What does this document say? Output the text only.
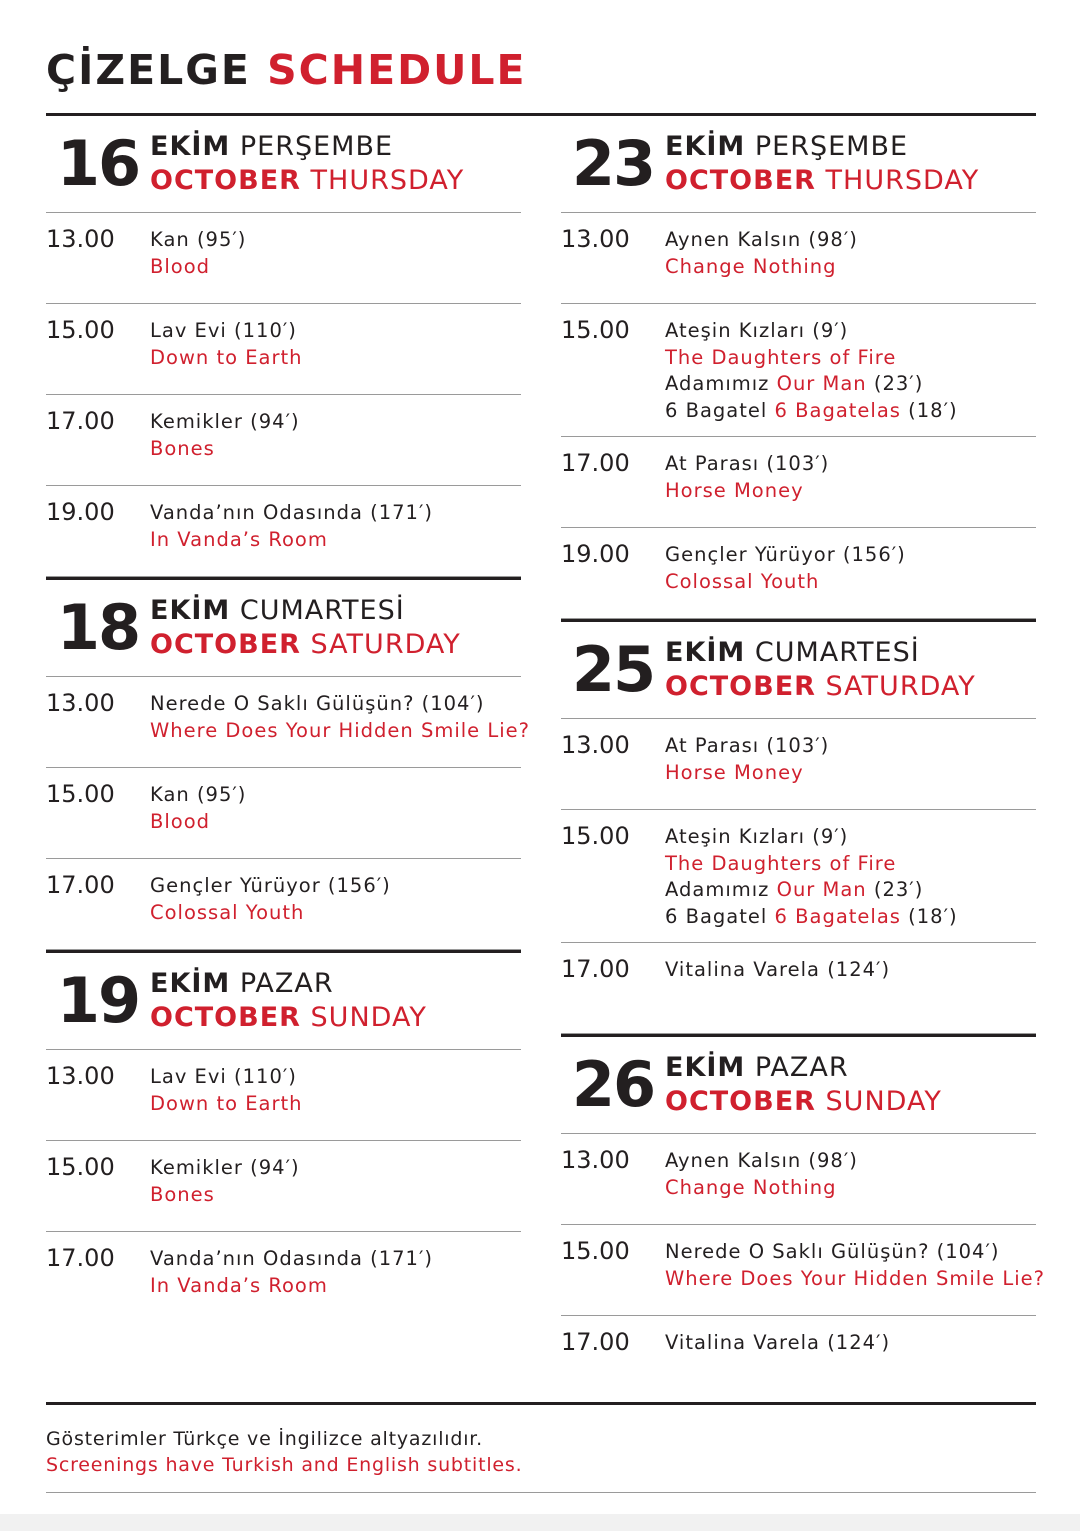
ÇİZELGE SCHEDULE
16 EKİM PERŞEMBE
OCTOBER THURSDAY
13.00	Kan (95′)
Blood
15.00	Lav Evi (110′)
Down to Earth
17.00	Kemikler (94′)
Bones
19.00	Vanda’nın Odasında (171′)
In Vanda’s Room
18 EKİM CUMARTESİ
OCTOBER SATURDAY
13.00	Nerede O Saklı Gülüşün? (104′)
Where Does Your Hidden Smile Lie?
15.00	Kan (95′)
Blood
17.00	Gençler Yürüyor (156′)
Colossal Youth
19 EKİM PAZAR
OCTOBER SUNDAY
13.00	Lav Evi (110′)
Down to Earth
15.00	Kemikler (94′)
Bones
17.00	Vanda’nın Odasında (171′)
In Vanda’s Room
23 EKİM PERŞEMBE
OCTOBER THURSDAY
13.00	Aynen Kalsın (98′)
Change Nothing
15.00	Ateşin Kızları (9′)
The Daughters of Fire
Adamımız Our Man (23′)
6 Bagatel 6 Bagatelas (18′)
17.00	At Parası (103′)
Horse Money
19.00	Gençler Yürüyor (156′)
Colossal Youth
25 EKİM CUMARTESİ
OCTOBER SATURDAY
13.00	At Parası (103′)
Horse Money
15.00	Ateşin Kızları (9′)
The Daughters of Fire
Adamımız Our Man (23′)
6 Bagatel 6 Bagatelas (18′)
17.00	Vitalina Varela (124′)
26 EKİM PAZAR
OCTOBER SUNDAY
13.00	Aynen Kalsın (98′)
Change Nothing
15.00	Nerede O Saklı Gülüşün? (104′)
Where Does Your Hidden Smile Lie?
17.00	Vitalina Varela (124′)
Gösterimler Türkçe ve İngilizce altyazılıdır.
Screenings have Turkish and English subtitles.
